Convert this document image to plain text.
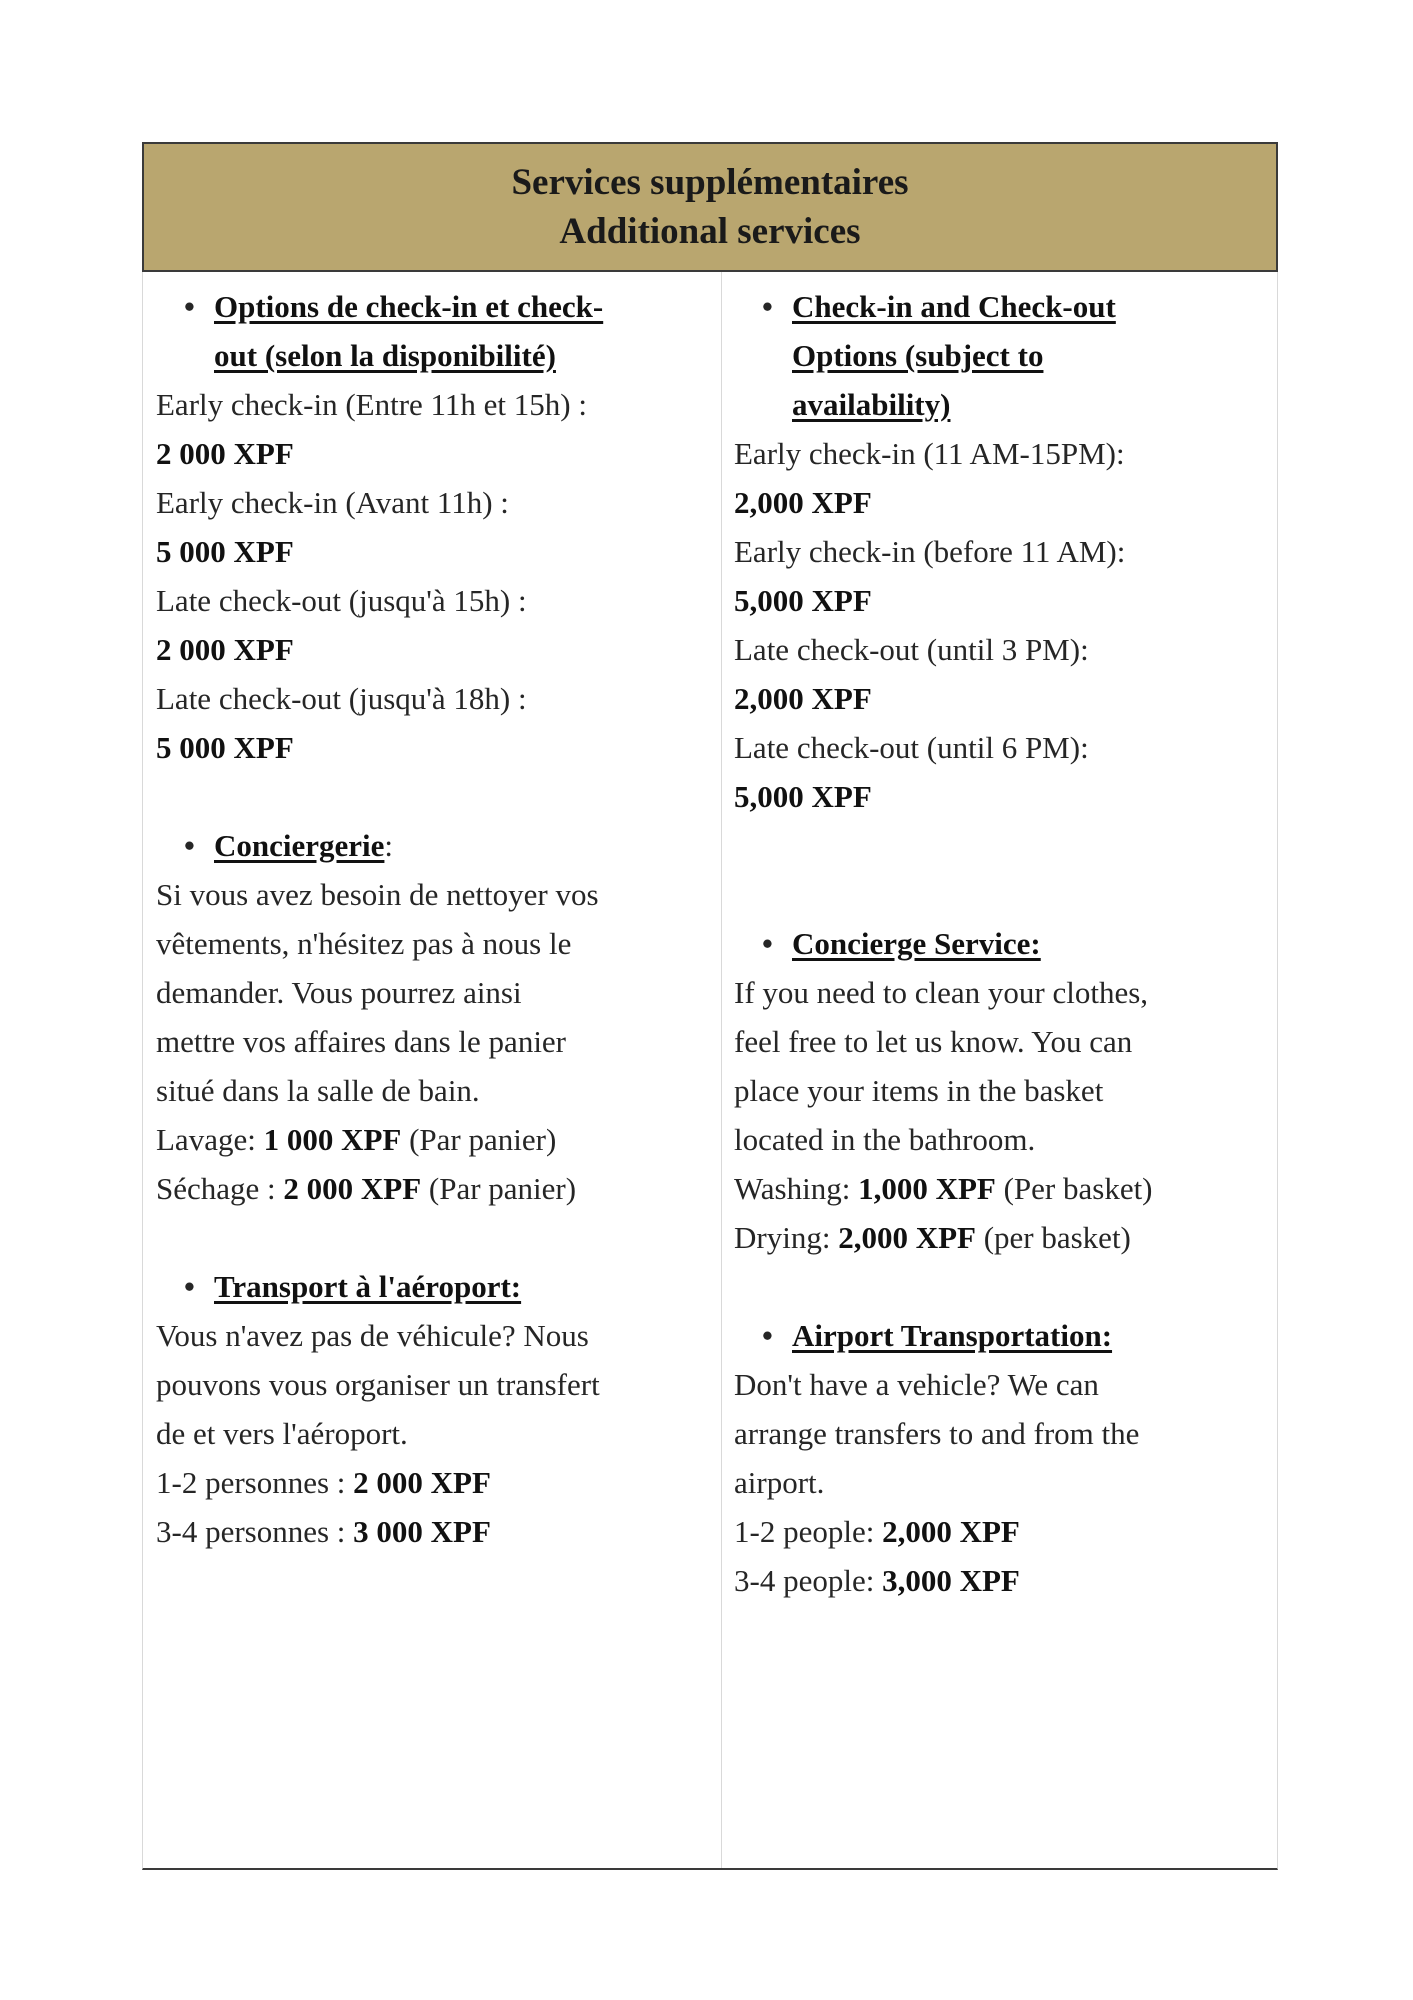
Services supplémentaires
Additional services
• Options de check-in et check-
out (selon la disponibilité)
Early check-in (Entre 11h et 15h) :
2 000 XPF
Early check-in (Avant 11h) :
5 000 XPF
Late check-out (jusqu'à 15h) :
2 000 XPF
Late check-out (jusqu'à 18h) :
5 000 XPF
• Conciergerie:
Si vous avez besoin de nettoyer vos
vêtements, n'hésitez pas à nous le
demander. Vous pourrez ainsi
mettre vos affaires dans le panier
situé dans la salle de bain.
Lavage: 1 000 XPF (Par panier)
Séchage : 2 000 XPF (Par panier)
• Transport à l'aéroport:
Vous n'avez pas de véhicule? Nous
pouvons vous organiser un transfert
de et vers l'aéroport.
1-2 personnes : 2 000 XPF
3-4 personnes : 3 000 XPF
• Check-in and Check-out
Options (subject to
availability)
Early check-in (11 AM-15PM):
2,000 XPF
Early check-in (before 11 AM):
5,000 XPF
Late check-out (until 3 PM):
2,000 XPF
Late check-out (until 6 PM):
5,000 XPF
• Concierge Service:
If you need to clean your clothes,
feel free to let us know. You can
place your items in the basket
located in the bathroom.
Washing: 1,000 XPF (Per basket)
Drying: 2,000 XPF (per basket)
• Airport Transportation:
Don't have a vehicle? We can
arrange transfers to and from the
airport.
1-2 people: 2,000 XPF
3-4 people: 3,000 XPF
